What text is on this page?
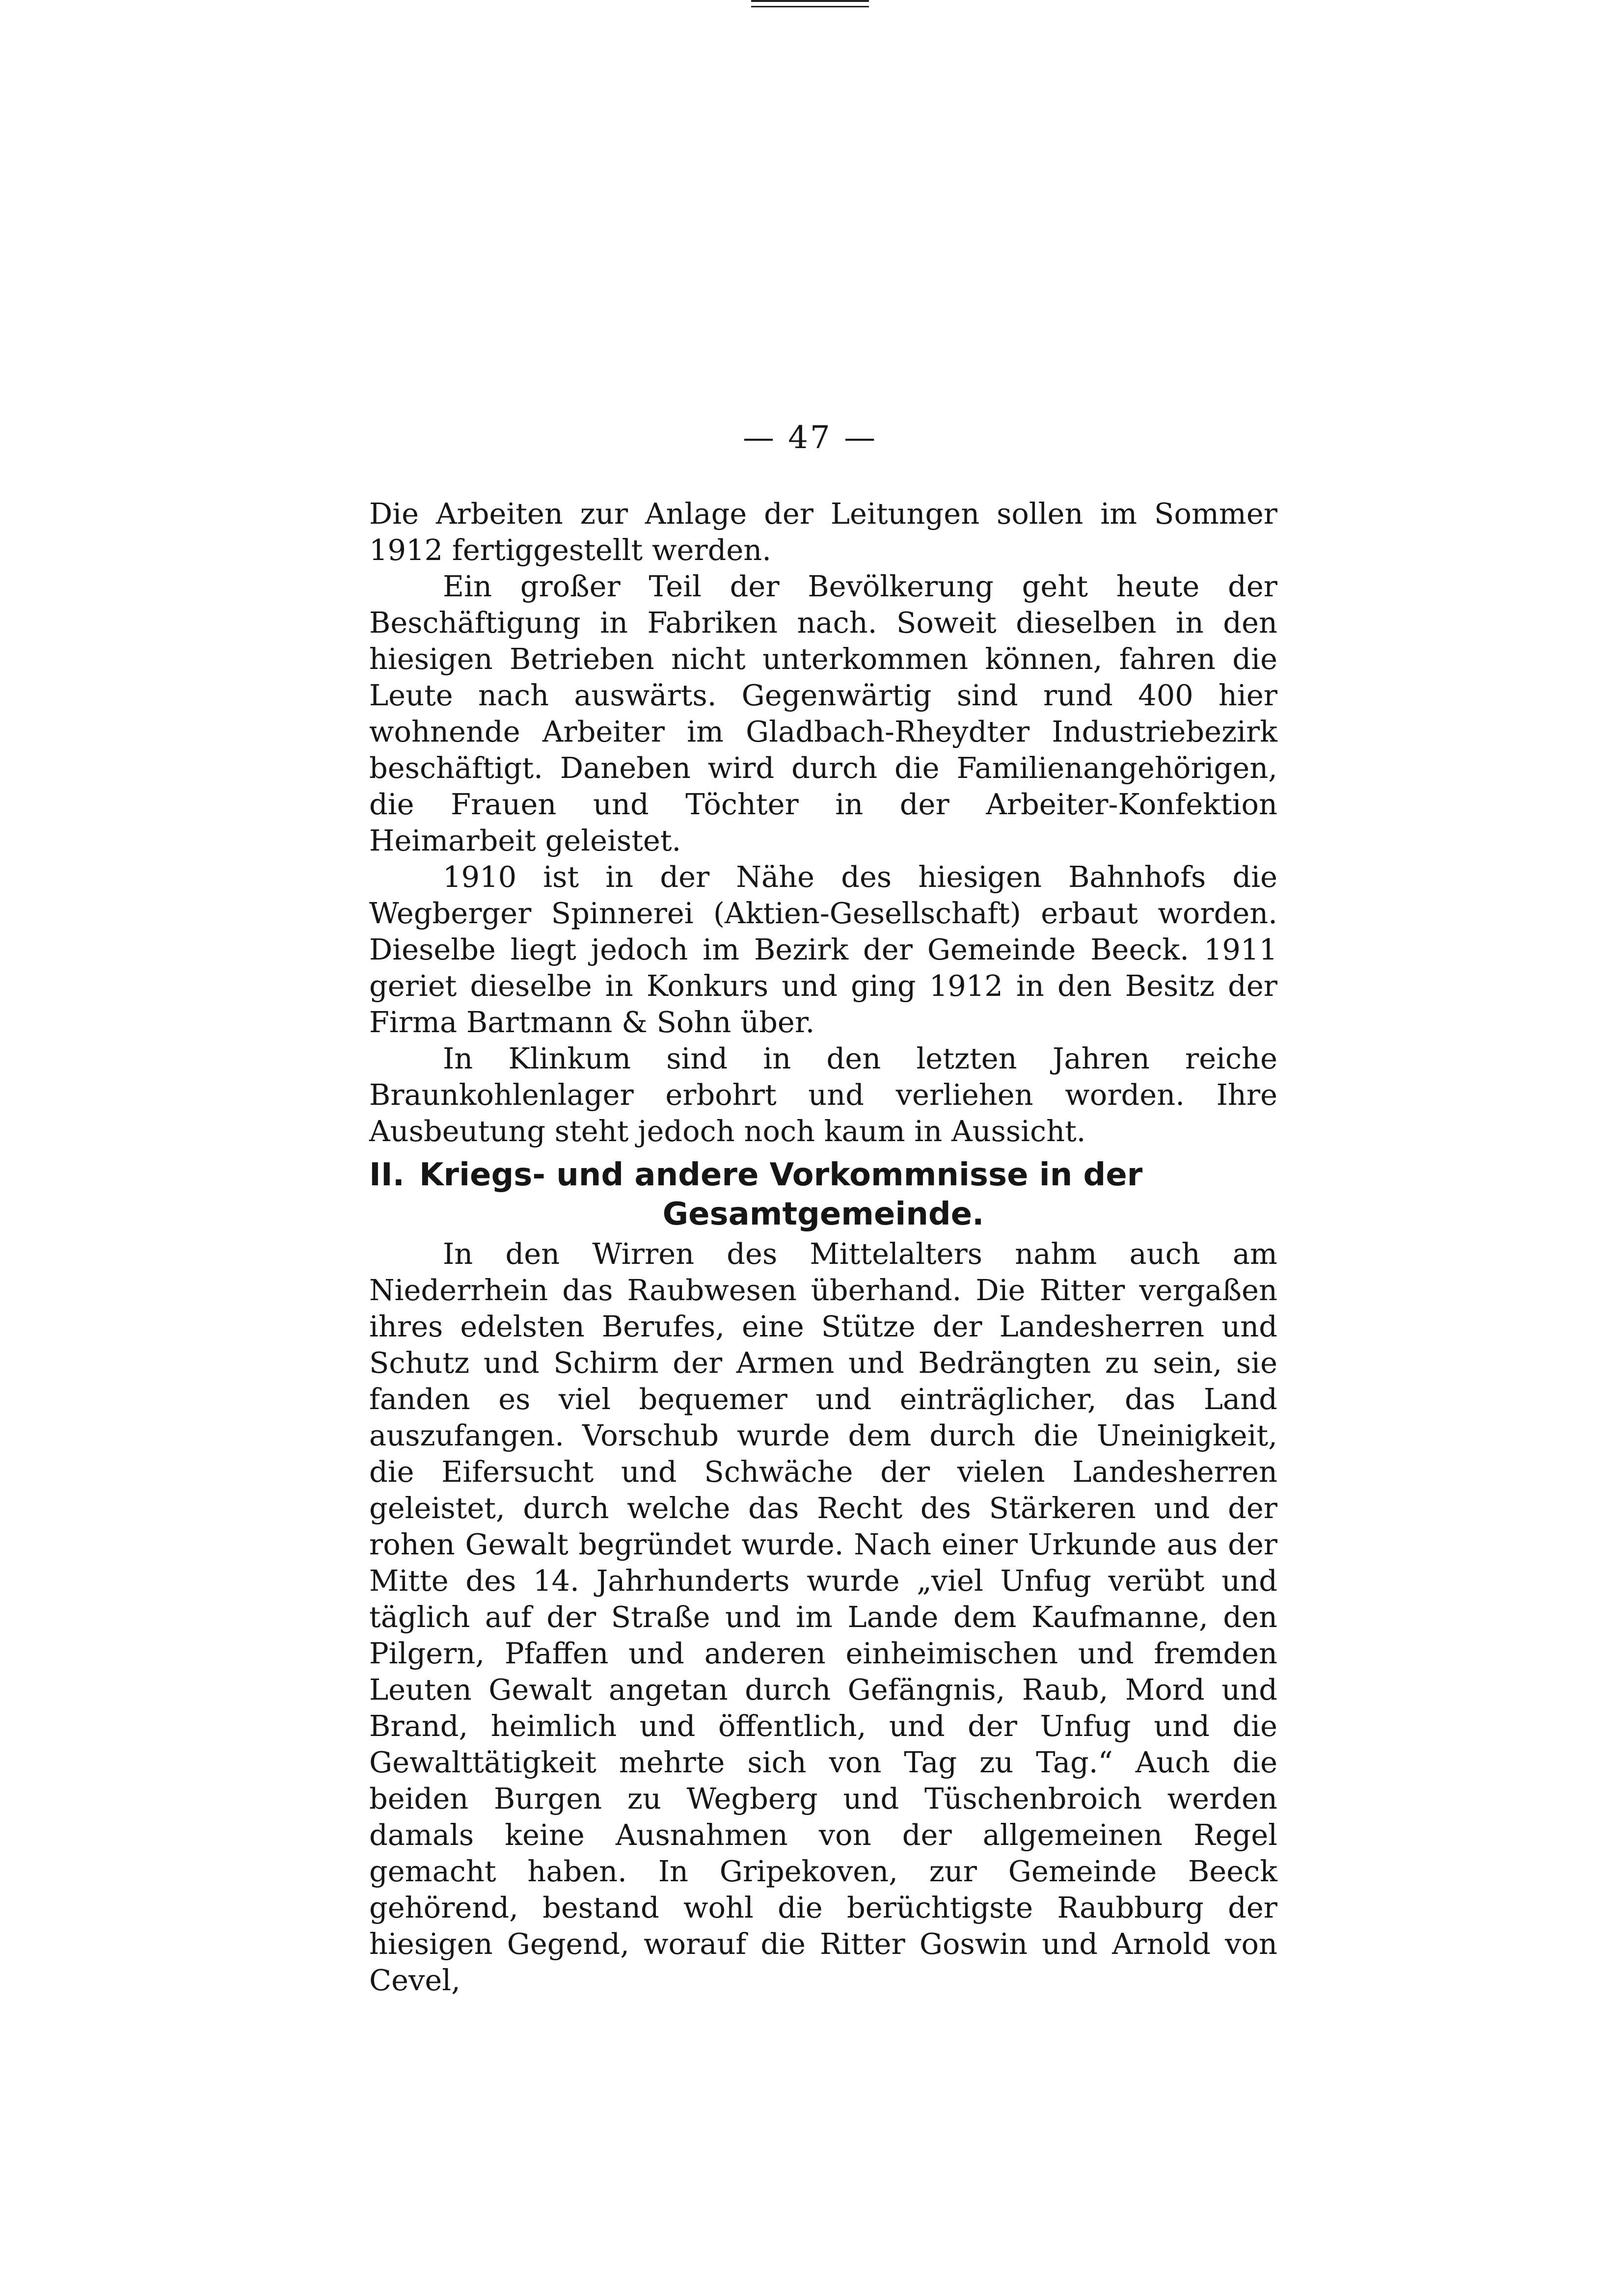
— 47 —

Die Arbeiten zur Anlage der Leitungen sollen im Sommer 1912 fertiggestellt werden.

Ein großer Teil der Bevölkerung geht heute der Beschäftigung in Fabriken nach. Soweit dieselben in den hiesigen Betrieben nicht unterkommen können, fahren die Leute nach auswärts. Gegenwärtig sind rund 400 hier wohnende Arbeiter im Gladbach-Rheydter Industriebezirk beschäftigt. Daneben wird durch die Familienangehörigen, die Frauen und Töchter in der Arbeiter-Konfektion Heimarbeit geleistet.

1910 ist in der Nähe des hiesigen Bahnhofs die Wegberger Spinnerei (Aktien-Gesellschaft) erbaut worden. Dieselbe liegt jedoch im Bezirk der Gemeinde Beeck. 1911 geriet dieselbe in Konkurs und ging 1912 in den Besitz der Firma Bartmann & Sohn über.

In Klinkum sind in den letzten Jahren reiche Braunkohlenlager erbohrt und verliehen worden. Ihre Ausbeutung steht jedoch noch kaum in Aussicht.

II. Kriegs- und andere Vorkommnisse in der
Gesamtgemeinde.

In den Wirren des Mittelalters nahm auch am Niederrhein das Raubwesen überhand. Die Ritter vergaßen ihres edelsten Berufes, eine Stütze der Landesherren und Schutz und Schirm der Armen und Bedrängten zu sein, sie fanden es viel bequemer und einträglicher, das Land auszufangen. Vorschub wurde dem durch die Uneinigkeit, die Eifersucht und Schwäche der vielen Landesherren geleistet, durch welche das Recht des Stärkeren und der rohen Gewalt begründet wurde. Nach einer Urkunde aus der Mitte des 14. Jahrhunderts wurde „viel Unfug verübt und täglich auf der Straße und im Lande dem Kaufmanne, den Pilgern, Pfaffen und anderen einheimischen und fremden Leuten Gewalt angetan durch Gefängnis, Raub, Mord und Brand, heimlich und öffentlich, und der Unfug und die Gewalttätigkeit mehrte sich von Tag zu Tag.“ Auch die beiden Burgen zu Wegberg und Tüschenbroich werden damals keine Ausnahmen von der allgemeinen Regel gemacht haben. In Gripekoven, zur Gemeinde Beeck gehörend, bestand wohl die berüchtigste Raubburg der hiesigen Gegend, worauf die Ritter Goswin und Arnold von Cevel,
